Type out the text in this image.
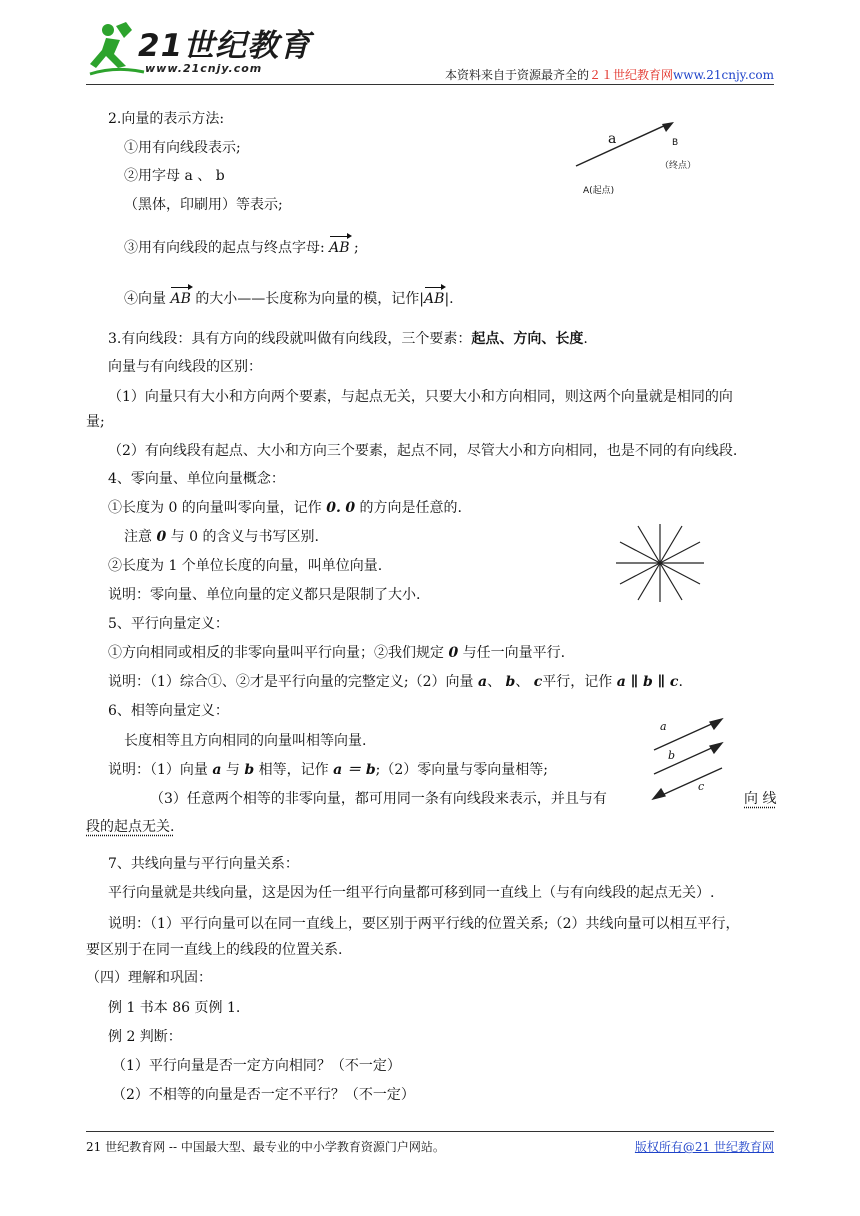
21世纪教育
www.21cnjy.com	本资料来自于资源最齐全的２１世纪教育网www.21cnjy.com
a	B
（终点）
A(起点)
2.向量的表示方法:
①用有向线段表示;
②用字母 a 、 b
（黑体，印刷用）等表示;
③用有向线段的起点与终点字母: AB ;
④向量 AB 的大小——长度称为向量的模，记作|AB|.
3.有向线段：具有方向的线段就叫做有向线段，三个要素：起点、方向、长度.
向量与有向线段的区别：
（1）向量只有大小和方向两个要素，与起点无关，只要大小和方向相同，则这两个向量就是相同的向
量;
（2）有向线段有起点、大小和方向三个要素，起点不同，尽管大小和方向相同，也是不同的有向线段.
4、零向量、单位向量概念：
①长度为 0 的向量叫零向量，记作 0. 0 的方向是任意的.
注意 0 与 0 的含义与书写区别.
②长度为 1 个单位长度的向量，叫单位向量.
说明：零向量、单位向量的定义都只是限制了大小.
5、平行向量定义：
①方向相同或相反的非零向量叫平行向量；②我们规定 0 与任一向量平行.
说明：（1）综合①、②才是平行向量的完整定义;（2）向量 a、 b、 c平行，记作 a ∥ b ∥ c.
6、相等向量定义：
长度相等且方向相同的向量叫相等向量.
说明：（1）向量 a 与 b 相等，记作 a ＝ b;（2）零向量与零向量相等;
（3）任意两个相等的非零向量，都可用同一条有向线段来表示，并且与有	向 线
段的起点无关.
a
b
c
7、共线向量与平行向量关系：
平行向量就是共线向量，这是因为任一组平行向量都可移到同一直线上（与有向线段的起点无关）.
说明：（1）平行向量可以在同一直线上，要区别于两平行线的位置关系;（2）共线向量可以相互平行，
要区别于在同一直线上的线段的位置关系.
（四）理解和巩固：
例 1 书本 86 页例 1.
例 2 判断：
（1）平行向量是否一定方向相同？（不一定）
（2）不相等的向量是否一定不平行？（不一定）
21 世纪教育网 -- 中国最大型、最专业的中小学教育资源门户网站。	版权所有@21 世纪教育网
